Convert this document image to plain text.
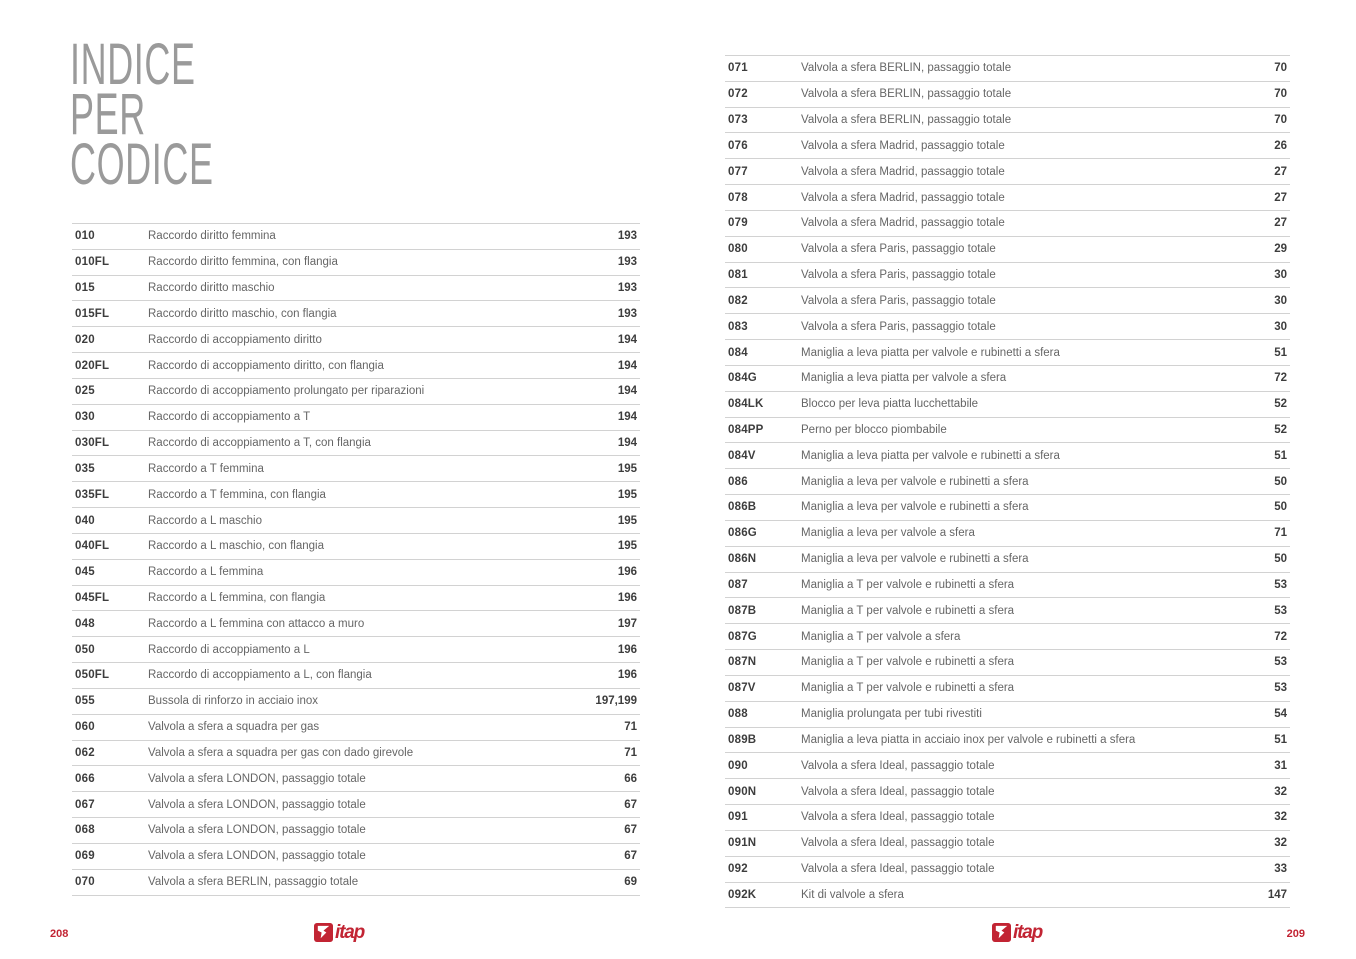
INDICE
PER
CODICE
010	Raccordo diritto femmina	193
010FL	Raccordo diritto femmina, con flangia	193
015	Raccordo diritto maschio	193
015FL	Raccordo diritto maschio, con flangia	193
020	Raccordo di accoppiamento diritto	194
020FL	Raccordo di accoppiamento diritto, con flangia	194
025	Raccordo di accoppiamento prolungato per riparazioni	194
030	Raccordo di accoppiamento a T	194
030FL	Raccordo di accoppiamento a T, con flangia	194
035	Raccordo a T femmina	195
035FL	Raccordo a T femmina, con flangia	195
040	Raccordo a L maschio	195
040FL	Raccordo a L maschio, con flangia	195
045	Raccordo a L femmina	196
045FL	Raccordo a L femmina, con flangia	196
048	Raccordo a L femmina con attacco a muro	197
050	Raccordo di accoppiamento a L	196
050FL	Raccordo di accoppiamento a L, con flangia	196
055	Bussola di rinforzo in acciaio inox	197,199
060	Valvola a sfera a squadra per gas	71
062	Valvola a sfera a squadra per gas con dado girevole	71
066	Valvola a sfera LONDON, passaggio totale	66
067	Valvola a sfera LONDON, passaggio totale	67
068	Valvola a sfera LONDON, passaggio totale	67
069	Valvola a sfera LONDON, passaggio totale	67
070	Valvola a sfera BERLIN, passaggio totale	69
208	itap
071	Valvola a sfera BERLIN, passaggio totale	70
072	Valvola a sfera BERLIN, passaggio totale	70
073	Valvola a sfera BERLIN, passaggio totale	70
076	Valvola a sfera Madrid, passaggio totale	26
077	Valvola a sfera Madrid, passaggio totale	27
078	Valvola a sfera Madrid, passaggio totale	27
079	Valvola a sfera Madrid, passaggio totale	27
080	Valvola a sfera Paris, passaggio totale	29
081	Valvola a sfera Paris, passaggio totale	30
082	Valvola a sfera Paris, passaggio totale	30
083	Valvola a sfera Paris, passaggio totale	30
084	Maniglia a leva piatta per valvole e rubinetti a sfera	51
084G	Maniglia a leva piatta per valvole a sfera	72
084LK	Blocco per leva piatta lucchettabile	52
084PP	Perno per blocco piombabile	52
084V	Maniglia a leva piatta per valvole e rubinetti a sfera	51
086	Maniglia a leva per valvole e rubinetti a sfera	50
086B	Maniglia a leva per valvole e rubinetti a sfera	50
086G	Maniglia a leva per valvole a sfera	71
086N	Maniglia a leva per valvole e rubinetti a sfera	50
087	Maniglia a T per valvole e rubinetti a sfera	53
087B	Maniglia a T per valvole e rubinetti a sfera	53
087G	Maniglia a T per valvole a sfera	72
087N	Maniglia a T per valvole e rubinetti a sfera	53
087V	Maniglia a T per valvole e rubinetti a sfera	53
088	Maniglia prolungata per tubi rivestiti	54
089B	Maniglia a leva piatta in acciaio inox per valvole e rubinetti a sfera	51
090	Valvola a sfera Ideal, passaggio totale	31
090N	Valvola a sfera Ideal, passaggio totale	32
091	Valvola a sfera Ideal, passaggio totale	32
091N	Valvola a sfera Ideal, passaggio totale	32
092	Valvola a sfera Ideal, passaggio totale	33
092K	Kit di valvole a sfera	147
209
itap
